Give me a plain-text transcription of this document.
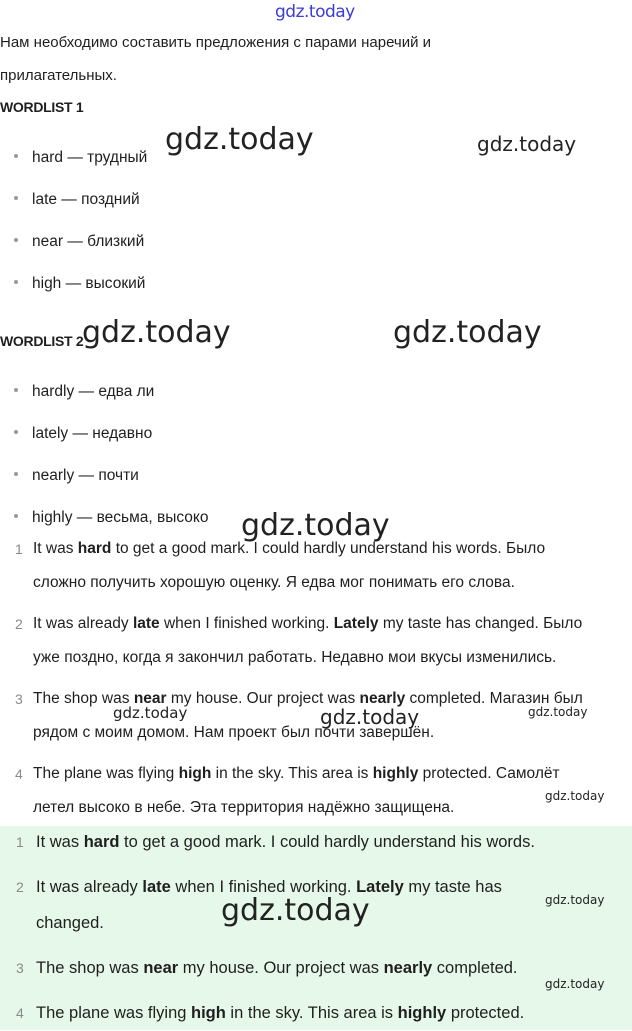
gdz.today
Нам необходимо составить предложения с парами наречий и
прилагательных.
WORDLIST 1
hard — трудный
late — поздний
near — близкий
high — высокий
WORDLIST 2
hardly — едва ли
lately — недавно
nearly — почти
highly — весьма, высоко
1 It was hard to get a good mark. I could hardly understand his words. Было
сложно получить хорошую оценку. Я едва мог понимать его слова.
2 It was already late when I finished working. Lately my taste has changed. Было
уже поздно, когда я закончил работать. Недавно мои вкусы изменились.
3 The shop was near my house. Our project was nearly completed. Магазин был
рядом с моим домом. Нам проект был почти завершён.
4 The plane was flying high in the sky. This area is highly protected. Самолёт
летел высоко в небе. Эта территория надёжно защищена.
1 It was hard to get a good mark. I could hardly understand his words.
2 It was already late when I finished working. Lately my taste has
changed.
3 The shop was near my house. Our project was nearly completed.
4 The plane was flying high in the sky. This area is highly protected.
gdz.today	gdz.today
gdz.today	gdz.today
gdz.today
gdz.today	gdz.today	gdz.today
gdz.today
gdz.today
gdz.today
gdz.today
